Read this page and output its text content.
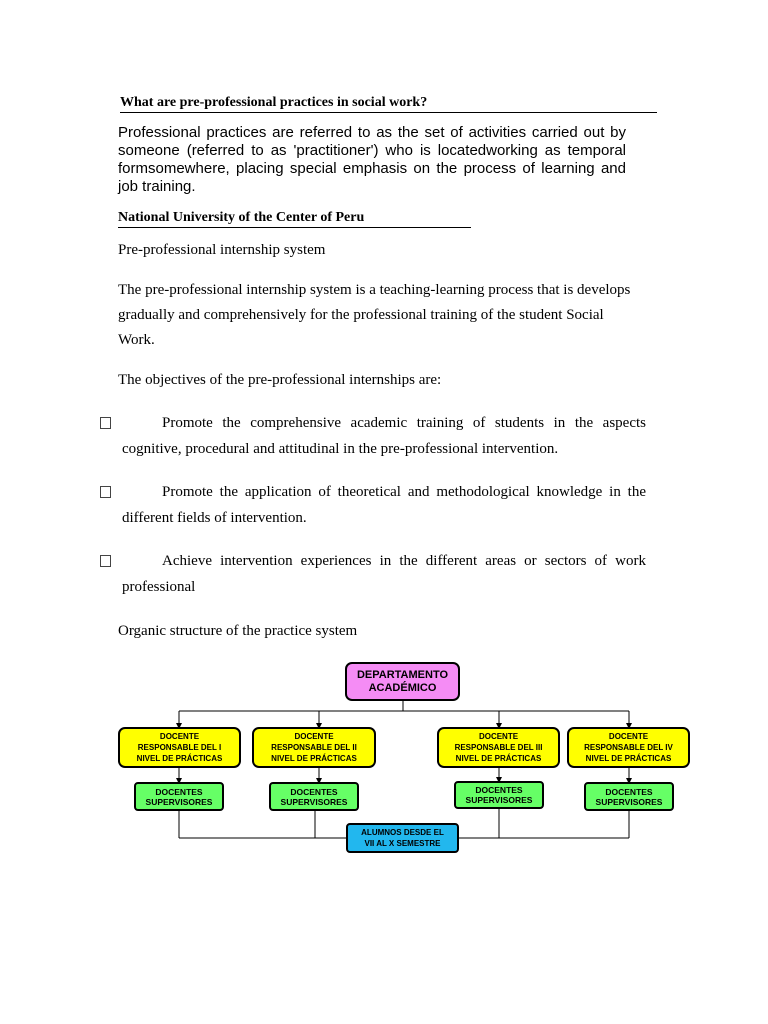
What are pre-professional practices in social work?
Professional practices are referred to as the set of activities carried out by someone (referred to as 'practitioner') who is locatedworking as temporal formsomewhere, placing special emphasis on the process of learning and job training.
National University of the Center of Peru
Pre-professional internship system
The pre-professional internship system is a teaching-learning process that is develops gradually and comprehensively for the professional training of the student Social Work.
The objectives of the pre-professional internships are:
Promote the comprehensive academic training of students in the aspects cognitive, procedural and attitudinal in the pre-professional intervention.
Promote the application of theoretical and methodological knowledge in the different fields of intervention.
Achieve intervention experiences in the different areas or sectors of work professional
Organic structure of the practice system
DEPARTAMENTO
ACADÉMICO
DOCENTE
RESPONSABLE DEL I
NIVEL DE PRÁCTICAS
DOCENTE
RESPONSABLE DEL II
NIVEL DE PRÁCTICAS
DOCENTE
RESPONSABLE DEL III
NIVEL DE PRÁCTICAS
DOCENTE
RESPONSABLE DEL IV
NIVEL DE PRÁCTICAS
DOCENTES
SUPERVISORES
DOCENTES
SUPERVISORES
DOCENTES
SUPERVISORES
DOCENTES
SUPERVISORES
ALUMNOS DESDE EL
VII AL X SEMESTRE
